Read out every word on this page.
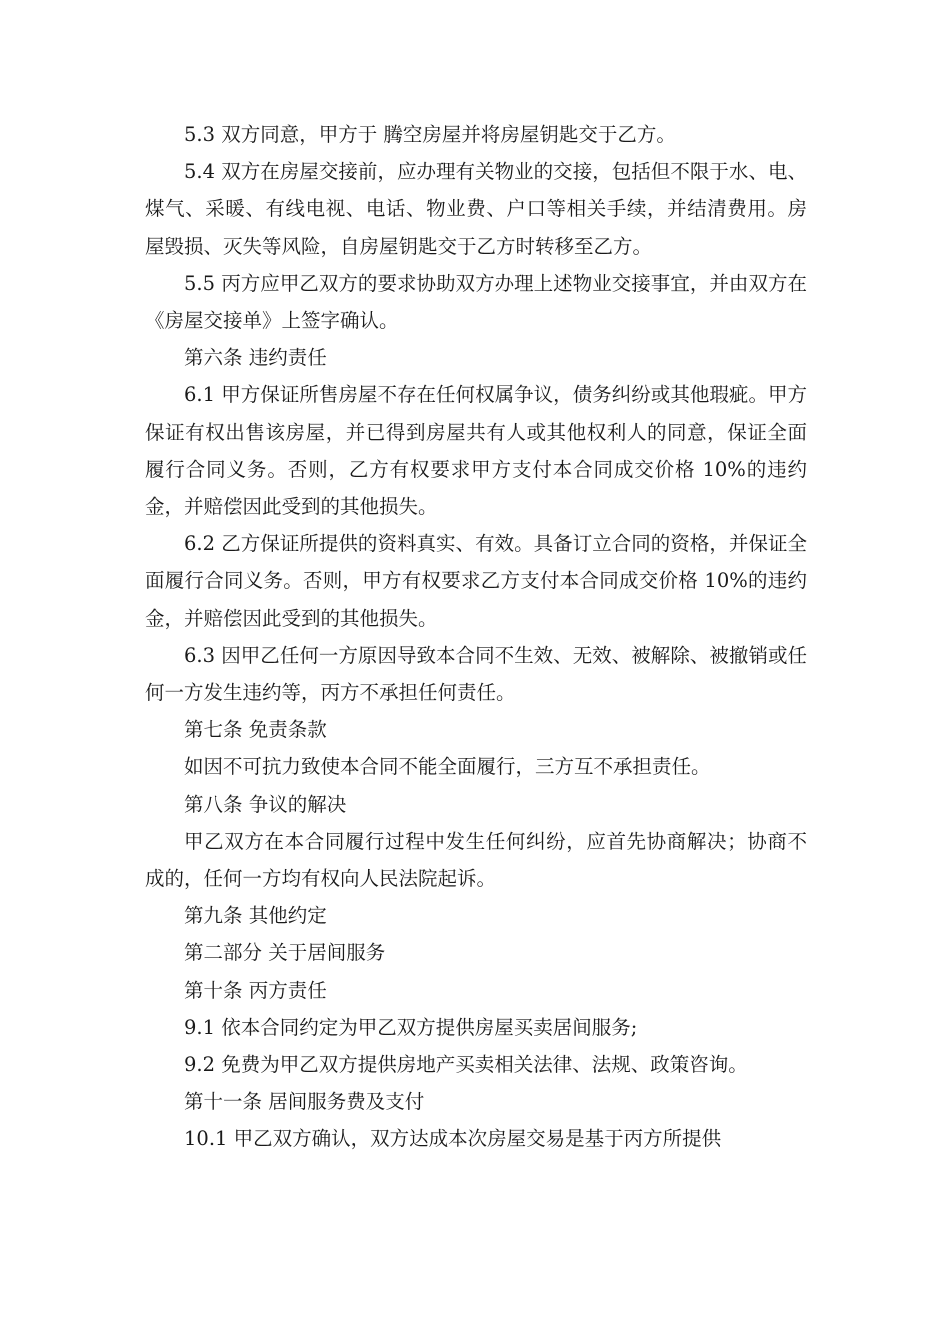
5.3 双方同意，甲方于 腾空房屋并将房屋钥匙交于乙方。

5.4 双方在房屋交接前，应办理有关物业的交接，包括但不限于水、电、煤气、采暖、有线电视、电话、物业费、户口等相关手续，并结清费用。房屋毁损、灭失等风险，自房屋钥匙交于乙方时转移至乙方。

5.5 丙方应甲乙双方的要求协助双方办理上述物业交接事宜，并由双方在《房屋交接单》上签字确认。

第六条 违约责任

6.1 甲方保证所售房屋不存在任何权属争议，债务纠纷或其他瑕疵。甲方保证有权出售该房屋，并已得到房屋共有人或其他权利人的同意，保证全面履行合同义务。否则，乙方有权要求甲方支付本合同成交价格 10%的违约金，并赔偿因此受到的其他损失。

6.2 乙方保证所提供的资料真实、有效。具备订立合同的资格，并保证全面履行合同义务。否则，甲方有权要求乙方支付本合同成交价格 10%的违约金，并赔偿因此受到的其他损失。

6.3 因甲乙任何一方原因导致本合同不生效、无效、被解除、被撤销或任何一方发生违约等，丙方不承担任何责任。

第七条 免责条款

如因不可抗力致使本合同不能全面履行，三方互不承担责任。

第八条 争议的解决

甲乙双方在本合同履行过程中发生任何纠纷，应首先协商解决；协商不成的，任何一方均有权向人民法院起诉。

第九条 其他约定

第二部分 关于居间服务

第十条 丙方责任

9.1 依本合同约定为甲乙双方提供房屋买卖居间服务;

9.2 免费为甲乙双方提供房地产买卖相关法律、法规、政策咨询。

第十一条 居间服务费及支付

10.1 甲乙双方确认，双方达成本次房屋交易是基于丙方所提供
